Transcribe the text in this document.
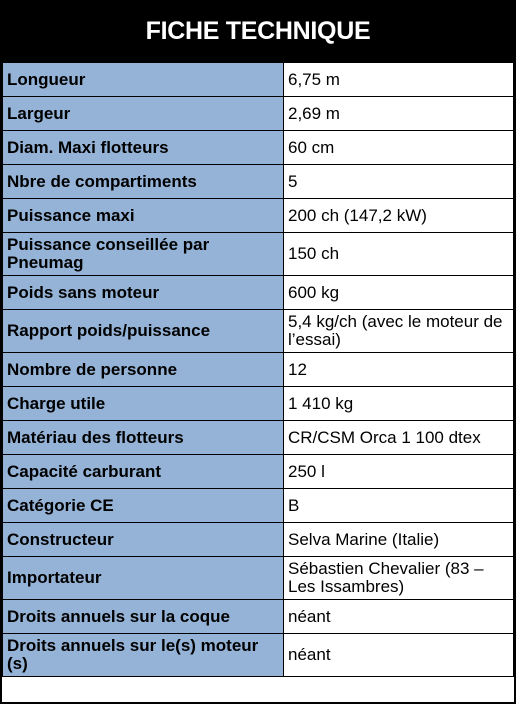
FICHE TECHNIQUE
Longueur	6,75 m
Largeur	2,69 m
Diam. Maxi flotteurs	60 cm
Nbre de compartiments	5
Puissance maxi	200 ch (147,2 kW)
Puissance conseillée par Pneumag	150 ch
Poids sans moteur	600 kg
Rapport poids/puissance	5,4 kg/ch (avec le moteur de l’essai)
Nombre de personne	12
Charge utile	1 410 kg
Matériau des flotteurs	CR/CSM Orca 1 100 dtex
Capacité carburant	250 l
Catégorie CE	B
Constructeur	Selva Marine (Italie)
Importateur	Sébastien Chevalier (83 – Les Issambres)
Droits annuels sur la coque	néant
Droits annuels sur le(s) moteur (s)	néant
